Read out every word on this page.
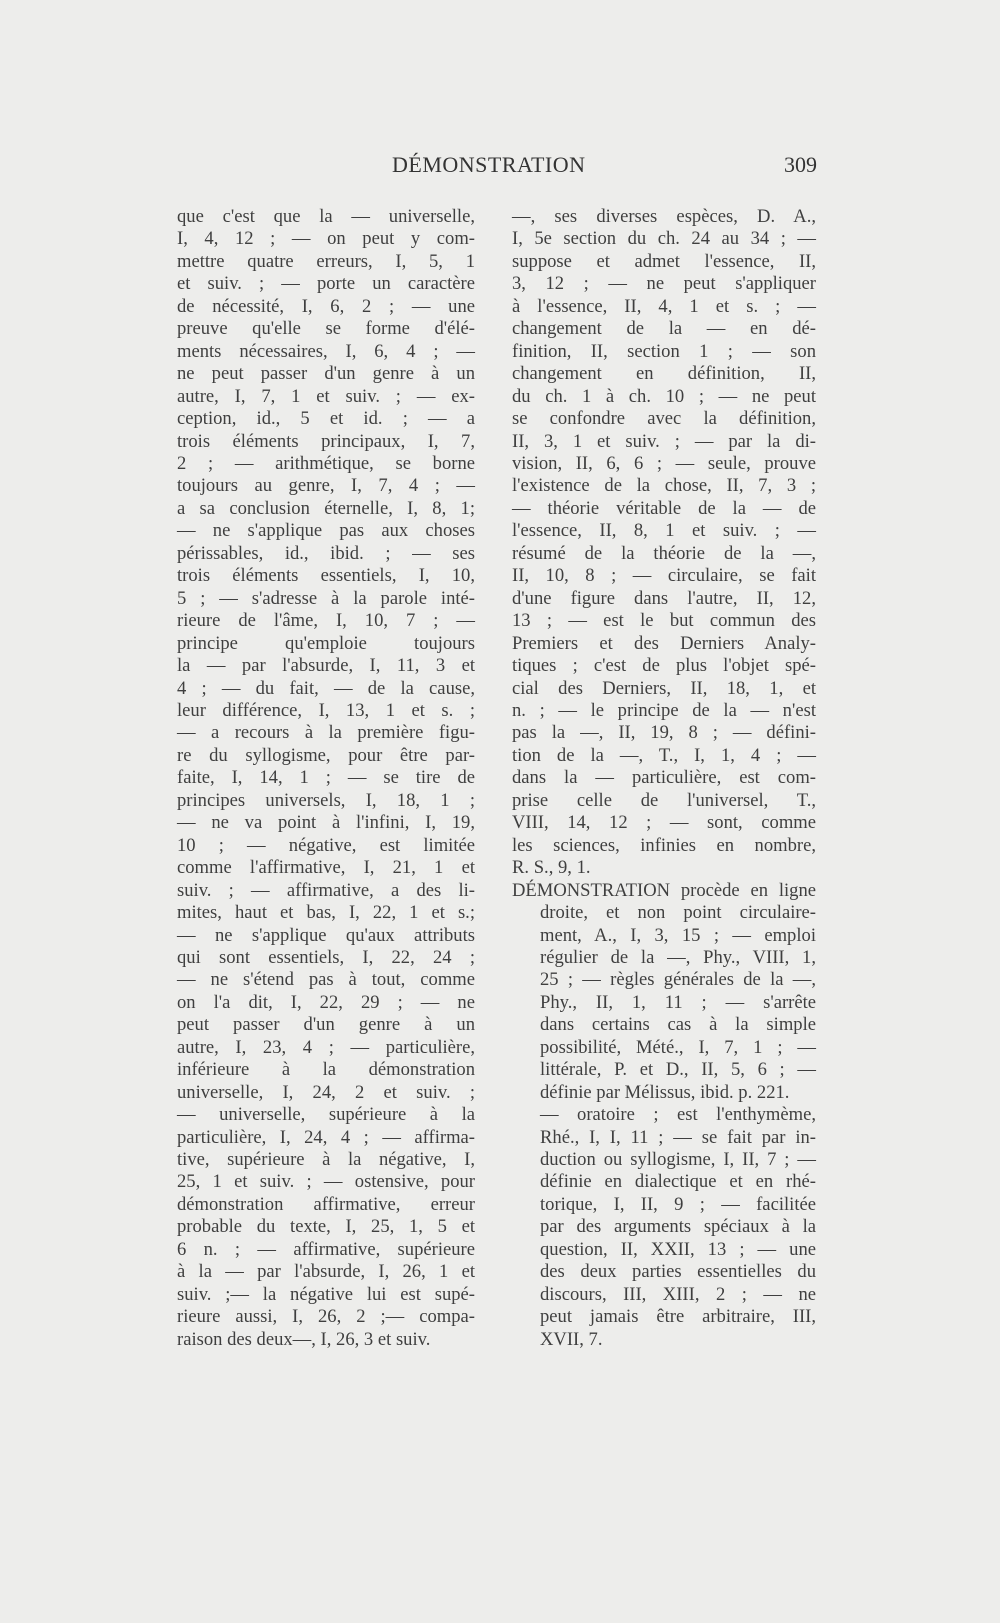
DÉMONSTRATION	309
que c'est que la — universelle,
I, 4, 12 ; — on peut y com-
mettre quatre erreurs, I, 5, 1
et suiv. ; — porte un caractère
de nécessité, I, 6, 2 ; — une
preuve qu'elle se forme d'élé-
ments nécessaires, I, 6, 4 ; —
ne peut passer d'un genre à un
autre, I, 7, 1 et suiv. ; — ex-
ception, id., 5 et id. ; — a
trois éléments principaux, I, 7,
2 ; — arithmétique, se borne
toujours au genre, I, 7, 4 ; —
a sa conclusion éternelle, I, 8, 1;
— ne s'applique pas aux choses
périssables, id., ibid. ; — ses
trois éléments essentiels, I, 10,
5 ; — s'adresse à la parole inté-
rieure de l'âme, I, 10, 7 ; —
principe qu'emploie toujours
la — par l'absurde, I, 11, 3 et
4 ; — du fait, — de la cause,
leur différence, I, 13, 1 et s. ;
— a recours à la première figu-
re du syllogisme, pour être par-
faite, I, 14, 1 ; — se tire de
principes universels, I, 18, 1 ;
— ne va point à l'infini, I, 19,
10 ; — négative, est limitée
comme l'affirmative, I, 21, 1 et
suiv. ; — affirmative, a des li-
mites, haut et bas, I, 22, 1 et s.;
— ne s'applique qu'aux attributs
qui sont essentiels, I, 22, 24 ;
— ne s'étend pas à tout, comme
on l'a dit, I, 22, 29 ; — ne
peut passer d'un genre à un
autre, I, 23, 4 ; — particulière,
inférieure à la démonstration
universelle, I, 24, 2 et suiv. ;
— universelle, supérieure à la
particulière, I, 24, 4 ; — affirma-
tive, supérieure à la négative, I,
25, 1 et suiv. ; — ostensive, pour
démonstration affirmative, erreur
probable du texte, I, 25, 1, 5 et
6 n. ; — affirmative, supérieure
à la — par l'absurde, I, 26, 1 et
suiv. ;— la négative lui est supé-
rieure aussi, I, 26, 2 ;— compa-
raison des deux—, I, 26, 3 et suiv.
—, ses diverses espèces, D. A.,
I, 5e section du ch. 24 au 34 ; —
suppose et admet l'essence, II,
3, 12 ; — ne peut s'appliquer
à l'essence, II, 4, 1 et s. ; —
changement de la — en dé-
finition, II, section 1 ; — son
changement en définition, II,
du ch. 1 à ch. 10 ; — ne peut
se confondre avec la définition,
II, 3, 1 et suiv. ; — par la di-
vision, II, 6, 6 ; — seule, prouve
l'existence de la chose, II, 7, 3 ;
— théorie véritable de la — de
l'essence, II, 8, 1 et suiv. ; —
résumé de la théorie de la —,
II, 10, 8 ; — circulaire, se fait
d'une figure dans l'autre, II, 12,
13 ; — est le but commun des
Premiers et des Derniers Analy-
tiques ; c'est de plus l'objet spé-
cial des Derniers, II, 18, 1, et
n. ; — le principe de la — n'est
pas la —, II, 19, 8 ; — défini-
tion de la —, T., I, 1, 4 ; —
dans la — particulière, est com-
prise celle de l'universel, T.,
VIII, 14, 12 ; — sont, comme
les sciences, infinies en nombre,
R. S., 9, 1.
DÉMONSTRATION procède en ligne
droite, et non point circulaire-
ment, A., I, 3, 15 ; — emploi
régulier de la —, Phy., VIII, 1,
25 ; — règles générales de la —,
Phy., II, 1, 11 ; — s'arrête
dans certains cas à la simple
possibilité, Mété., I, 7, 1 ; —
littérale, P. et D., II, 5, 6 ; —
définie par Mélissus, ibid. p. 221.
— oratoire ; est l'enthymème,
Rhé., I, I, 11 ; — se fait par in-
duction ou syllogisme, I, II, 7 ; —
définie en dialectique et en rhé-
torique, I, II, 9 ; — facilitée
par des arguments spéciaux à la
question, II, XXII, 13 ; — une
des deux parties essentielles du
discours, III, XIII, 2 ; — ne
peut jamais être arbitraire, III,
XVII, 7.
